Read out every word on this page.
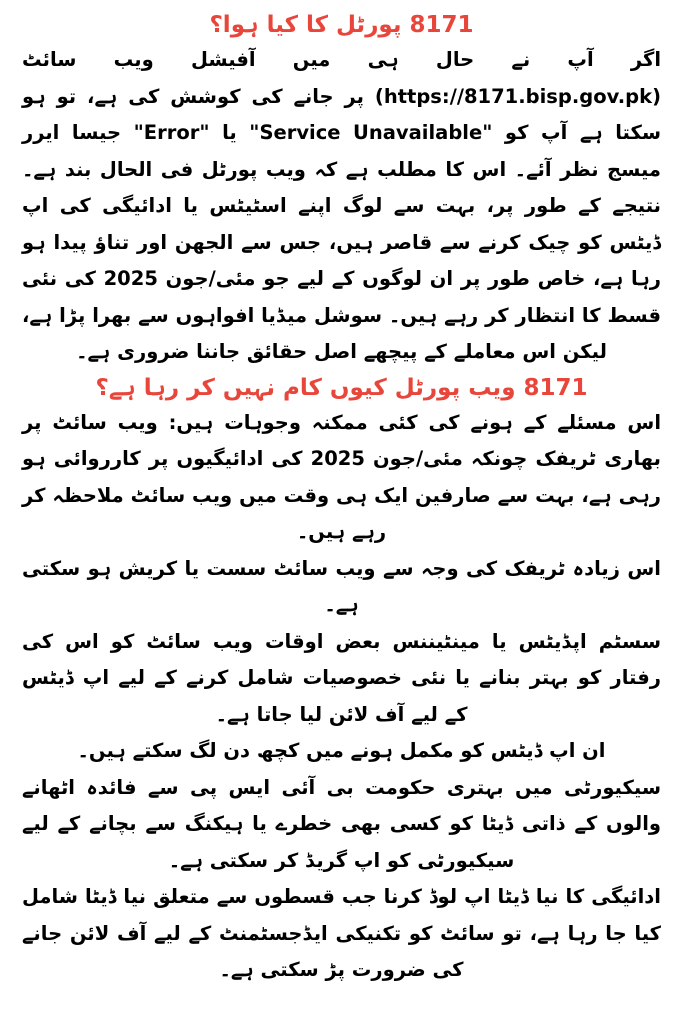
8171 پورٹل کا کیا ہوا؟

اگر آپ نے حال ہی میں آفیشل ویب سائٹ (https://8171.bisp.gov.pk) پر جانے کی کوشش کی ہے، تو ہو سکتا ہے آپ کو "Service Unavailable" یا "Error" جیسا ایرر میسج نظر آئے۔ اس کا مطلب ہے کہ ویب پورٹل فی الحال بند ہے۔ نتیجے کے طور پر، بہت سے لوگ اپنے اسٹیٹس یا ادائیگی کی اپ ڈیٹس کو چیک کرنے سے قاصر ہیں، جس سے الجھن اور تناؤ پیدا ہو رہا ہے، خاص طور پر ان لوگوں کے لیے جو مئی/جون 2025 کی نئی قسط کا انتظار کر رہے ہیں۔ سوشل میڈیا افواہوں سے بھرا پڑا ہے، لیکن اس معاملے کے پیچھے اصل حقائق جاننا ضروری ہے۔

8171 ویب پورٹل کیوں کام نہیں کر رہا ہے؟

اس مسئلے کے ہونے کی کئی ممکنہ وجوہات ہیں: ویب سائٹ پر بھاری ٹریفک چونکہ مئی/جون 2025 کی ادائیگیوں پر کارروائی ہو رہی ہے، بہت سے صارفین ایک ہی وقت میں ویب سائٹ ملاحظہ کر رہے ہیں۔

اس زیادہ ٹریفک کی وجہ سے ویب سائٹ سست یا کریش ہو سکتی ہے۔

سسٹم اپڈیٹس یا مینٹیننس بعض اوقات ویب سائٹ کو اس کی رفتار کو بہتر بنانے یا نئی خصوصیات شامل کرنے کے لیے اپ ڈیٹس کے لیے آف لائن لیا جاتا ہے۔

ان اپ ڈیٹس کو مکمل ہونے میں کچھ دن لگ سکتے ہیں۔

سیکیورٹی میں بہتری حکومت بی آئی ایس پی سے فائدہ اٹھانے والوں کے ذاتی ڈیٹا کو کسی بھی خطرے یا ہیکنگ سے بچانے کے لیے سیکیورٹی کو اپ گریڈ کر سکتی ہے۔

ادائیگی کا نیا ڈیٹا اپ لوڈ کرنا جب قسطوں سے متعلق نیا ڈیٹا شامل کیا جا رہا ہے، تو سائٹ کو تکنیکی ایڈجسٹمنٹ کے لیے آف لائن جانے کی ضرورت پڑ سکتی ہے۔
